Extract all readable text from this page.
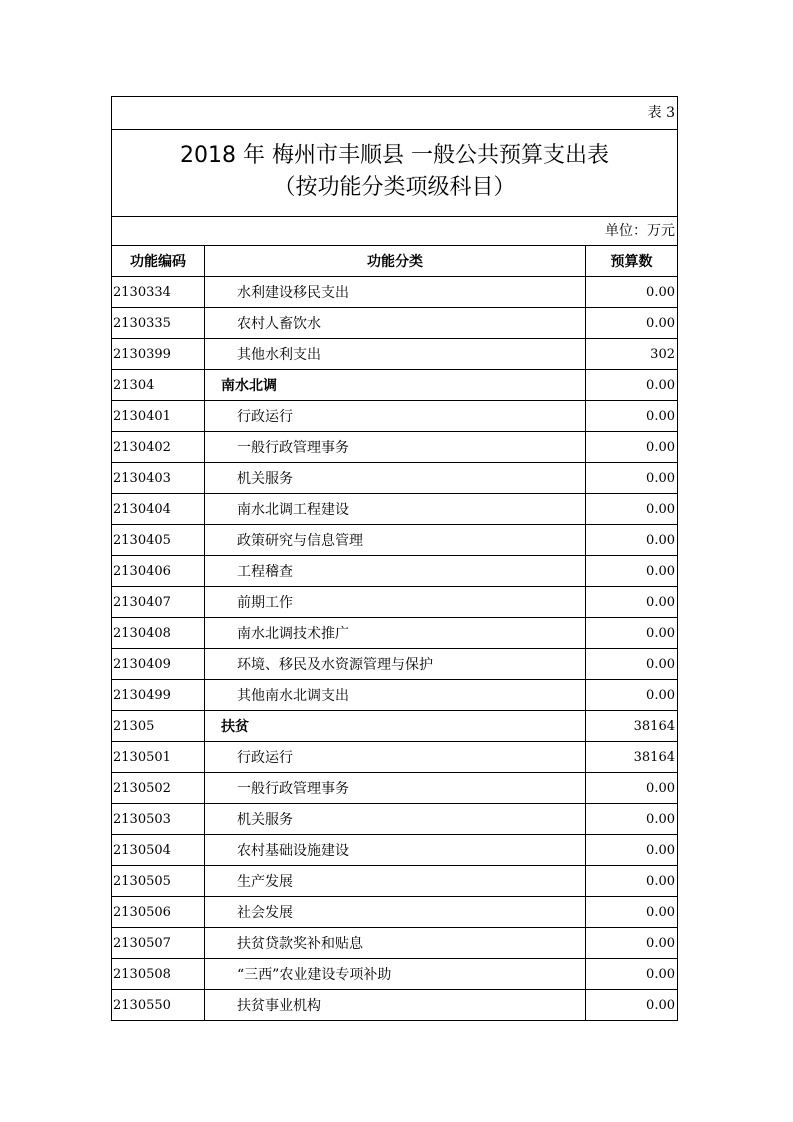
表 3
2018 年 梅州市丰顺县 一般公共预算支出表
（按功能分类项级科目）
单位：万元
功能编码	功能分类	预算数
2130334	水利建设移民支出	0.00
2130335	农村人畜饮水	0.00
2130399	其他水利支出	302
21304	南水北调	0.00
2130401	行政运行	0.00
2130402	一般行政管理事务	0.00
2130403	机关服务	0.00
2130404	南水北调工程建设	0.00
2130405	政策研究与信息管理	0.00
2130406	工程稽查	0.00
2130407	前期工作	0.00
2130408	南水北调技术推广	0.00
2130409	环境、移民及水资源管理与保护	0.00
2130499	其他南水北调支出	0.00
21305	扶贫	38164
2130501	行政运行	38164
2130502	一般行政管理事务	0.00
2130503	机关服务	0.00
2130504	农村基础设施建设	0.00
2130505	生产发展	0.00
2130506	社会发展	0.00
2130507	扶贫贷款奖补和贴息	0.00
2130508	“三西”农业建设专项补助	0.00
2130550	扶贫事业机构	0.00
